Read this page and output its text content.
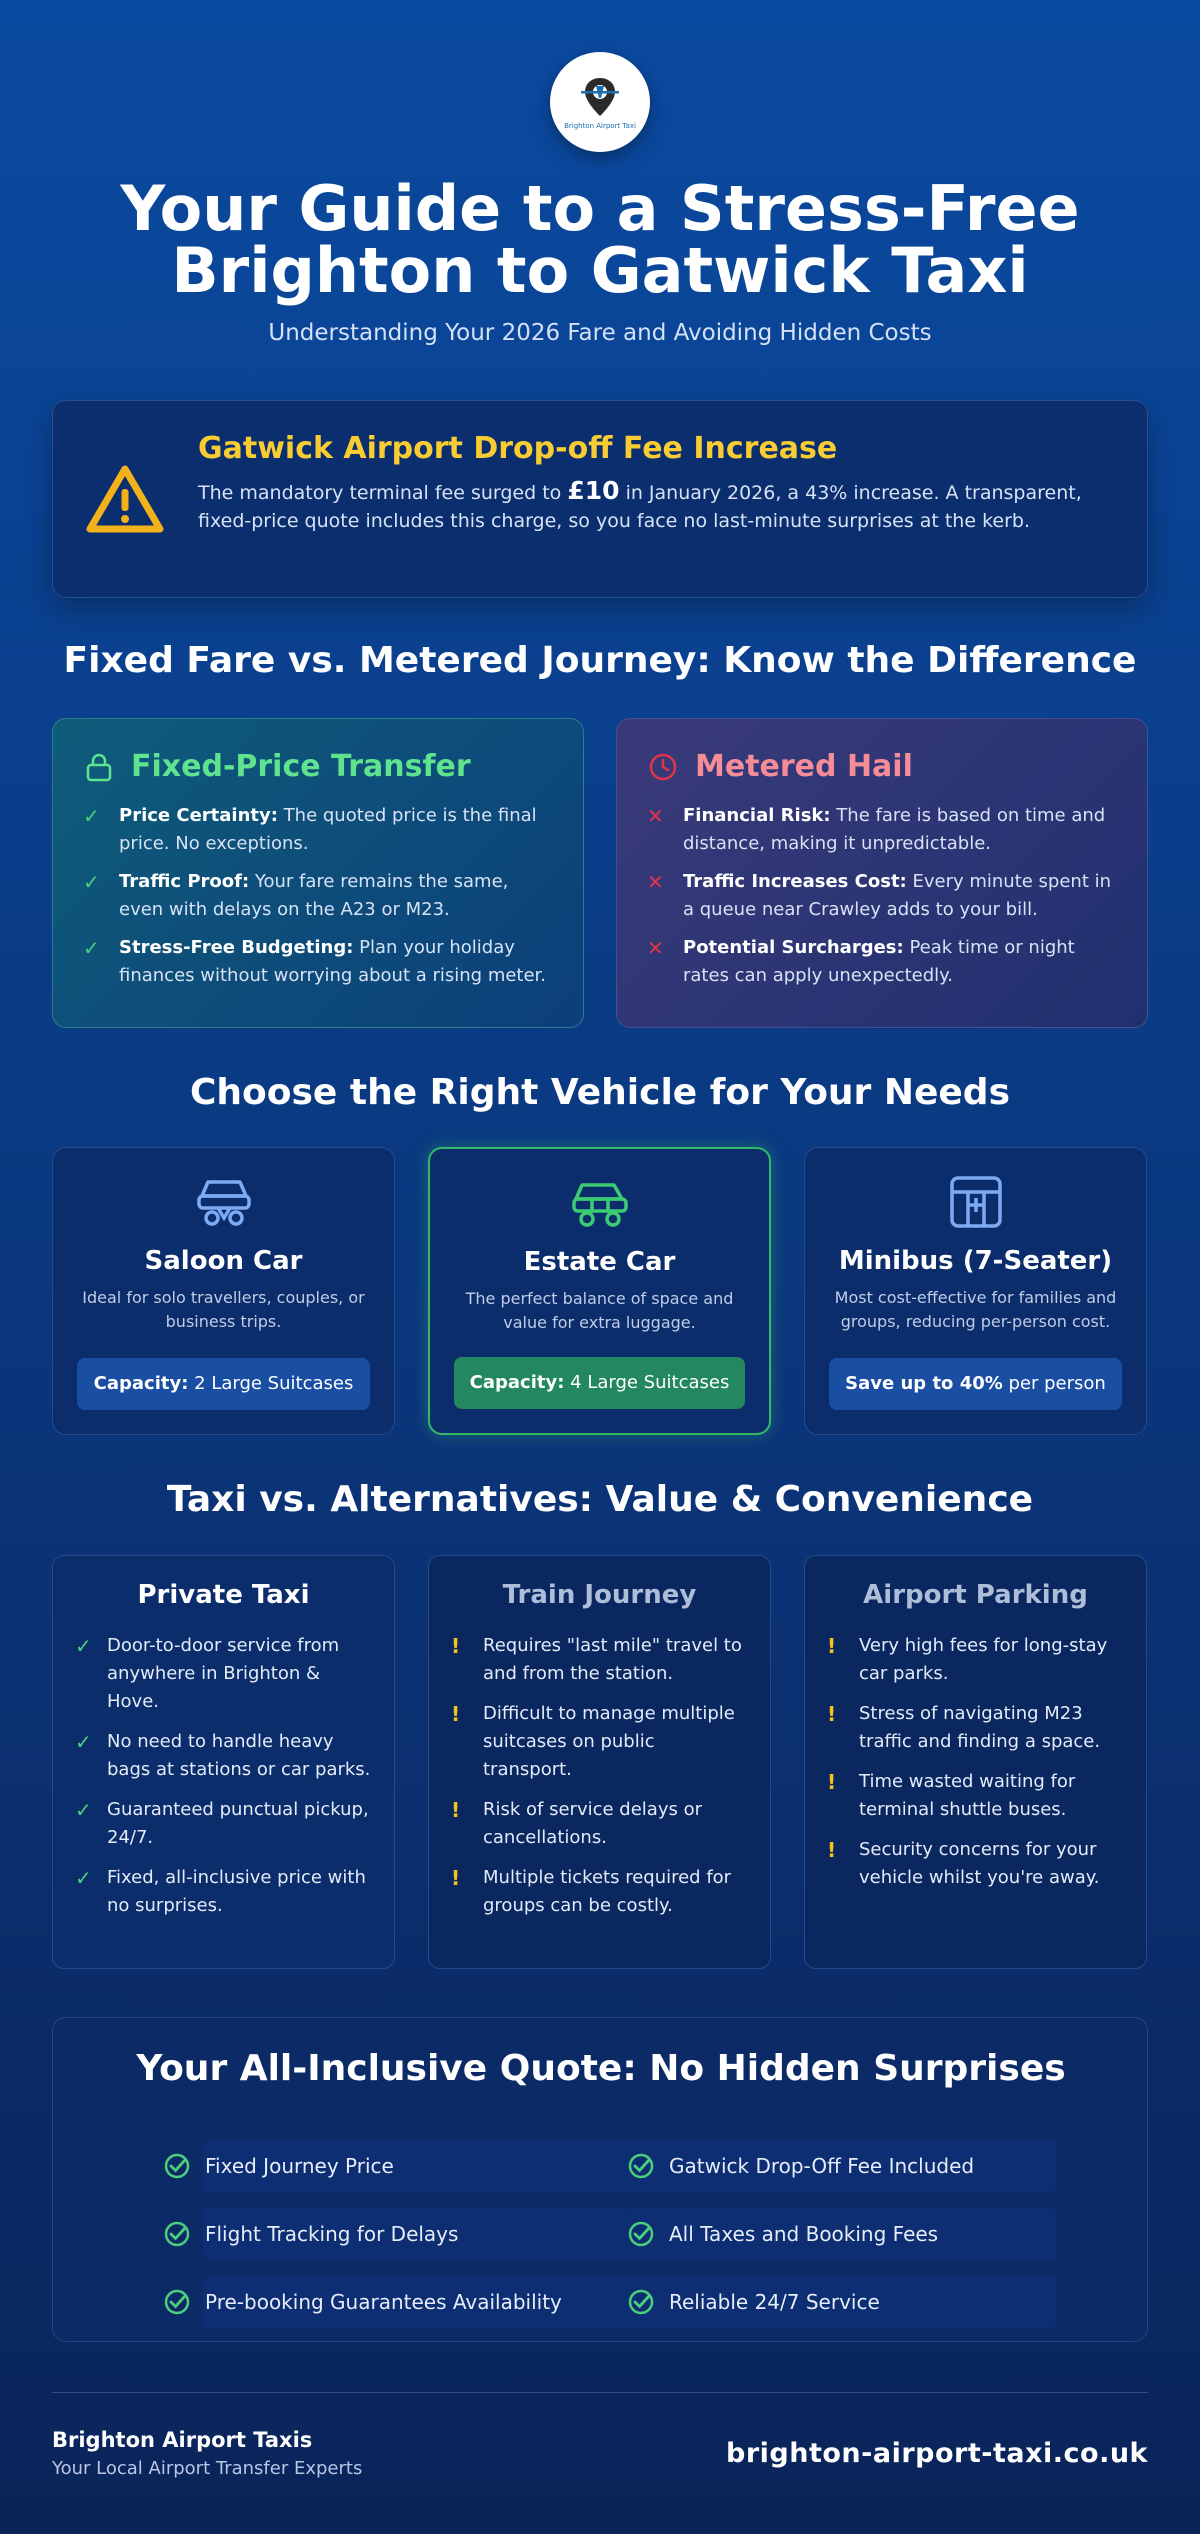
Brighton Airport Taxi
Your Guide to a Stress-Free
Brighton to Gatwick Taxi
Understanding Your 2026 Fare and Avoiding Hidden Costs
Gatwick Airport Drop-off Fee Increase

The mandatory terminal fee surged to £10 in January 2026, a 43% increase. A transparent, fixed-price quote includes this charge, so you face no last-minute surprises at the kerb.

Fixed Fare vs. Metered Journey: Know the Difference
Fixed-Price Transfer
✓ Price Certainty: The quoted price is the final price. No exceptions.
✓ Traffic Proof: Your fare remains the same, even with delays on the A23 or M23.
✓ Stress-Free Budgeting: Plan your holiday finances without worrying about a rising meter.
Metered Hail
✕ Financial Risk: The fare is based on time and distance, making it unpredictable.
✕ Traffic Increases Cost: Every minute spent in a queue near Crawley adds to your bill.
✕ Potential Surcharges: Peak time or night rates can apply unexpectedly.
Choose the Right Vehicle for Your Needs
Saloon Car

Ideal for solo travellers, couples, or business trips.

Capacity: 2 Large Suitcases
Estate Car

The perfect balance of space and value for extra luggage.

Capacity: 4 Large Suitcases
Minibus (7-Seater)

Most cost-effective for families and groups, reducing per-person cost.

Save up to 40% per person
Taxi vs. Alternatives: Value & Convenience
Private Taxi
✓ Door-to-door service from anywhere in Brighton & Hove.
✓ No need to handle heavy bags at stations or car parks.
✓ Guaranteed punctual pickup, 24/7.
✓ Fixed, all-inclusive price with no surprises.
Train Journey
!	Requires "last mile" travel to and from the station.
!	Difficult to manage multiple suitcases on public transport.
!	Risk of service delays or cancellations.
!	Multiple tickets required for groups can be costly.
Airport Parking
!	Very high fees for long-stay car parks.
!	Stress of navigating M23 traffic and finding a space.
!	Time wasted waiting for terminal shuttle buses.
!	Security concerns for your vehicle whilst you're away.
Your All-Inclusive Quote: No Hidden Surprises
Fixed Journey Price	Gatwick Drop-Off Fee Included
Flight Tracking for Delays	All Taxes and Booking Fees
Pre-booking Guarantees Availability	Reliable 24/7 Service
Brighton Airport Taxis
Your Local Airport Transfer Experts	brighton-airport-taxi.co.uk
